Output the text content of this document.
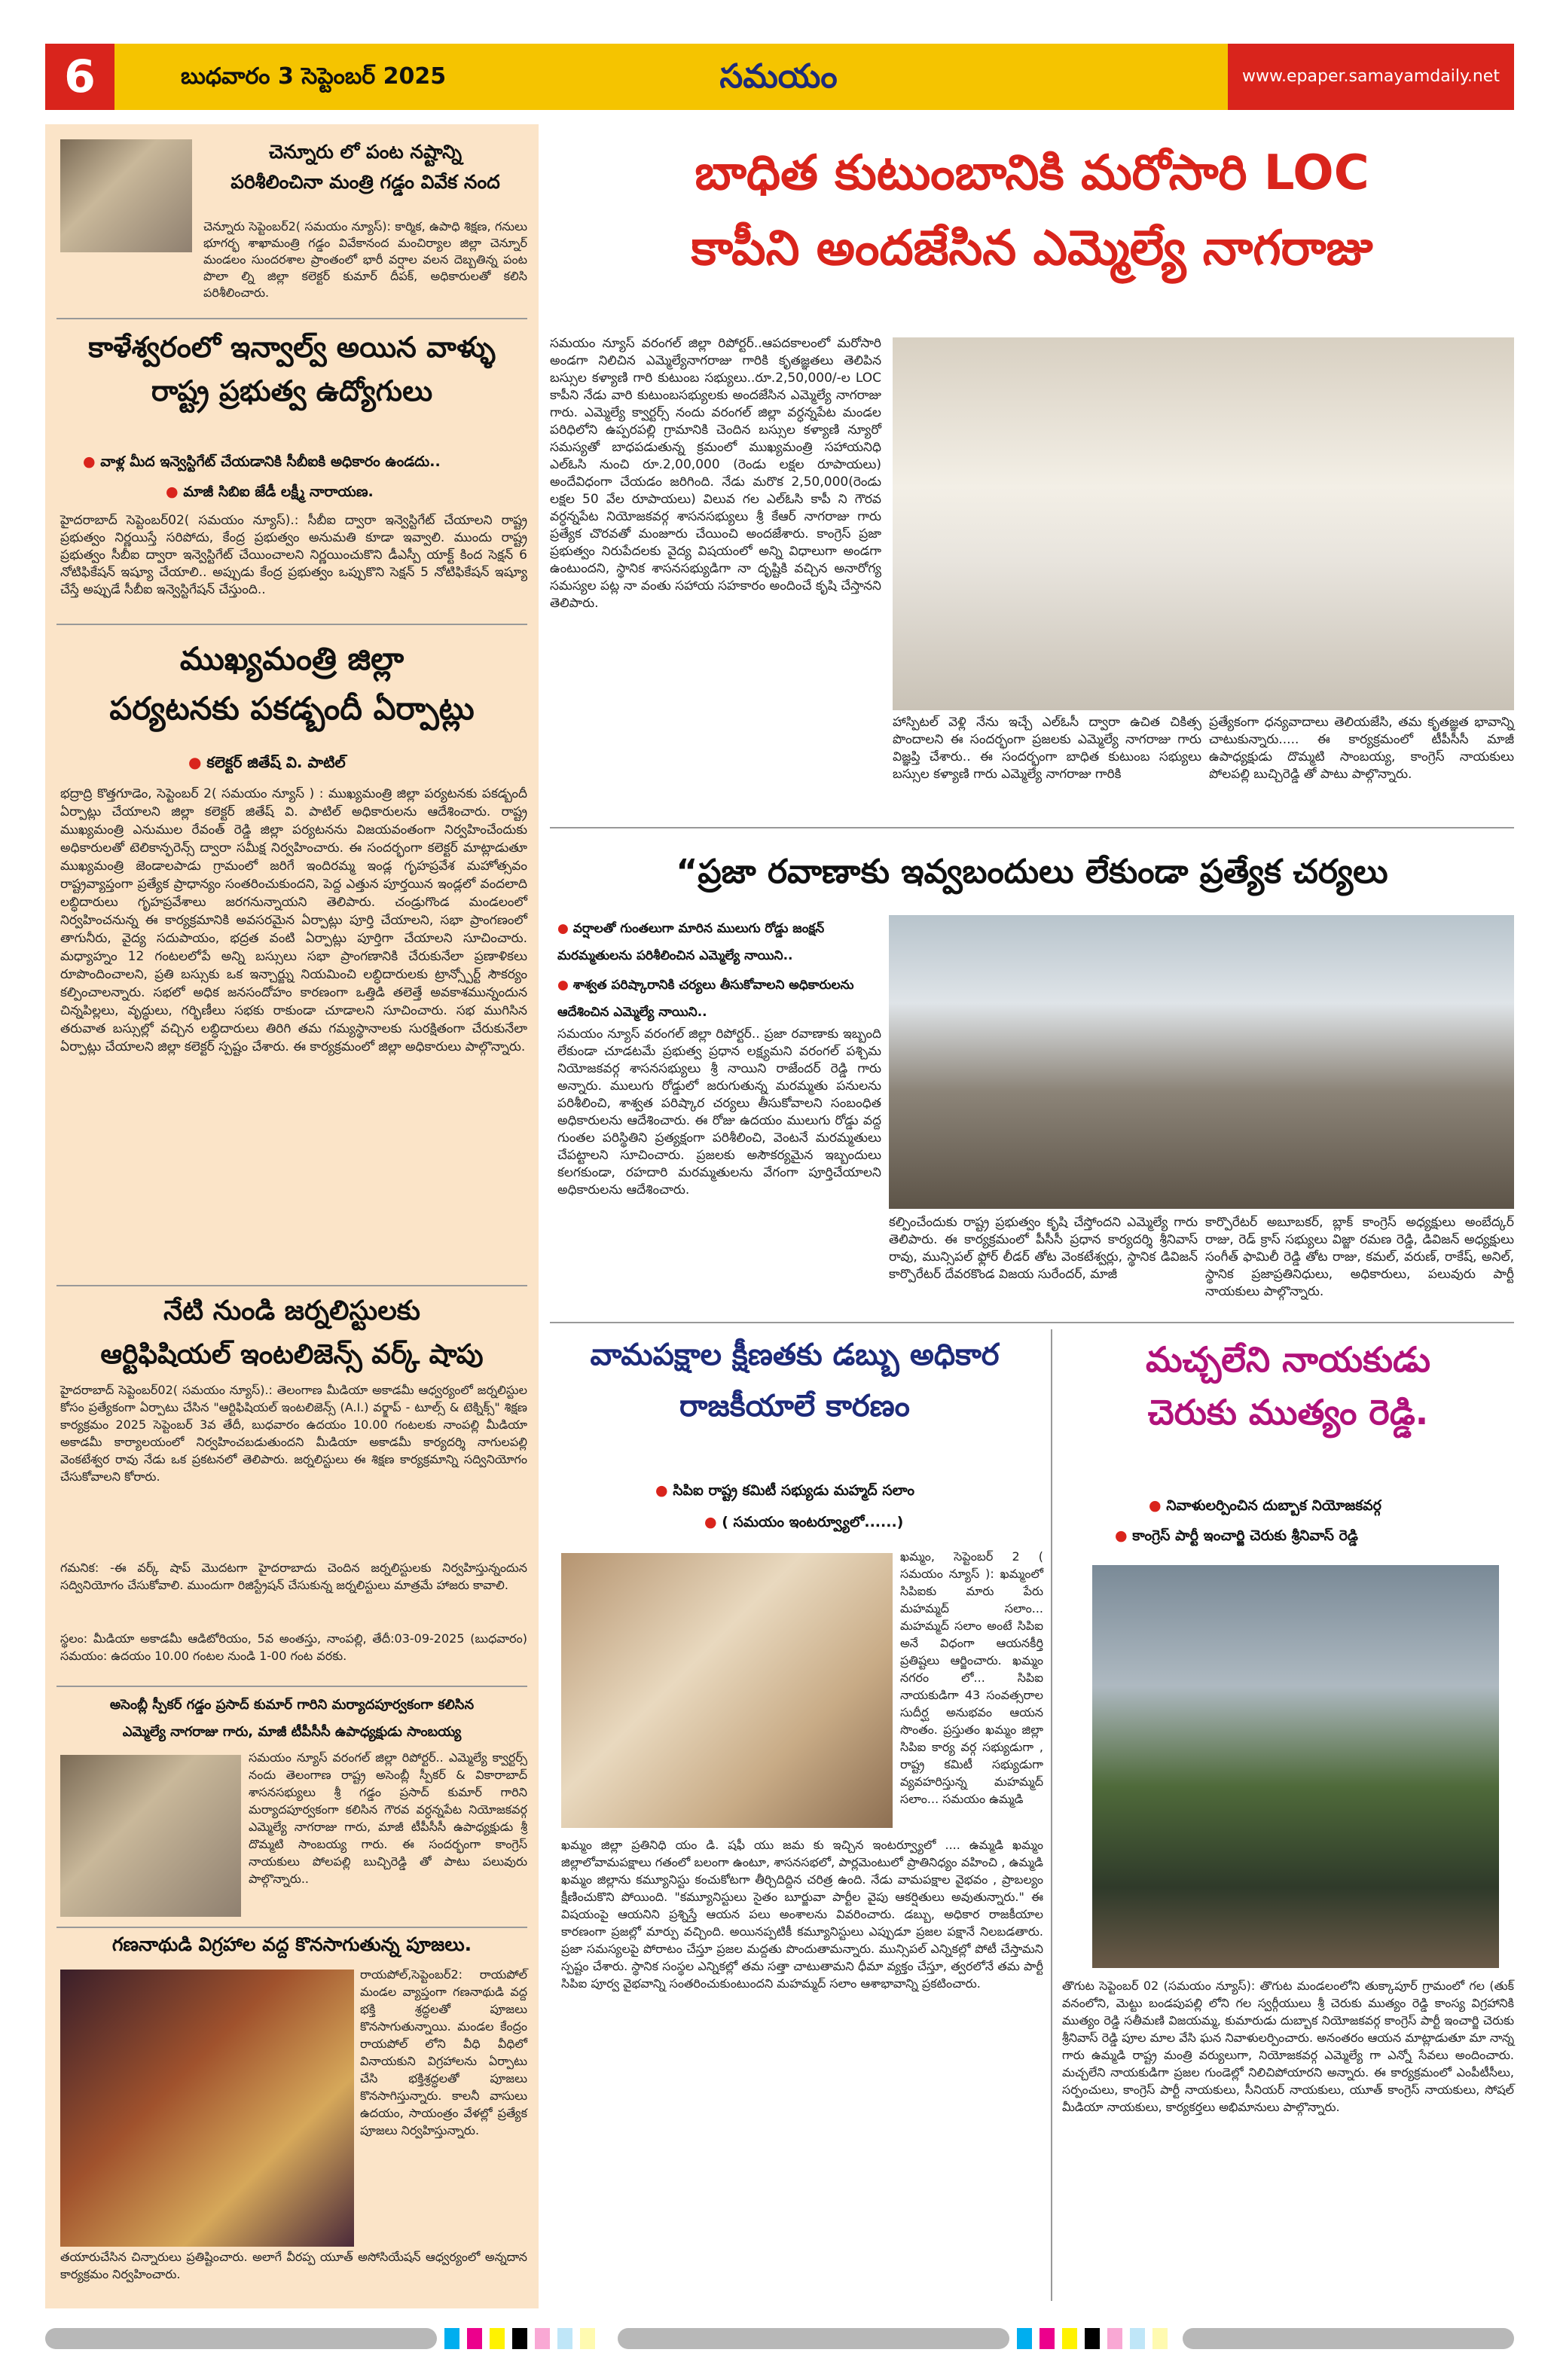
6	బుధవారం 3 సెప్టెంబర్ 2025	సమయం	www.epaper.samayamdaily.net
చెన్నూరు లో పంట నష్టాన్ని
పరిశీలించినా మంత్రి గడ్డం వివేక నంద
చెన్నూరు సెప్టెంబర్2( సమయం న్యూస్): కార్మిక, ఉపాధి శిక్షణ, గనులు భూగర్భ శాఖామంత్రి గడ్డం వివేకానంద మంచిర్యాల జిల్లా చెన్నూర్ మండలం సుందరశాల ప్రాంతంలో భారీ వర్షాల వలన దెబ్బతిన్న పంట పొలా ల్ని జిల్లా కలెక్టర్ కుమార్ దీపక్, అధికారులతో కలిసి పరిశీలించారు.
కాళేశ్వరంలో ఇన్వాల్వ్ అయిన వాళ్ళు
రాష్ట్ర ప్రభుత్వ ఉద్యోగులు
● వాళ్ల మీద ఇన్వెస్టిగేట్ చేయడానికి సీబీఐకి అధికారం ఉండదు..
● మాజీ సిబిఐ జేడీ లక్ష్మీ నారాయణ.
హైదరాబాద్ సెప్టెంబర్02( సమయం న్యూస్).: సీబీఐ ద్వారా ఇన్వెస్టిగేట్ చేయాలని రాష్ట్ర ప్రభుత్వం నిర్ణయిస్తే సరిపోదు, కేంద్ర ప్రభుత్వం అనుమతి కూడా ఇవ్వాలి. ముందు రాష్ట్ర ప్రభుత్వం సీబీఐ ద్వారా ఇన్వెస్టిగేట్ చేయించాలని నిర్ణయించుకొని డీఎస్పీ యాక్ట్ కింద సెక్షన్ 6 నోటిఫికేషన్ ఇష్యూ చేయాలి.. అప్పుడు కేంద్ర ప్రభుత్వం ఒప్పుకొని సెక్షన్ 5 నోటిఫికేషన్ ఇష్యూ చేస్తే అప్పుడే సీబీఐ ఇన్వెస్టిగేషన్ చేస్తుంది..
ముఖ్యమంత్రి జిల్లా
పర్యటనకు పకడ్బందీ ఏర్పాట్లు
● కలెక్టర్ జితేష్ వి. పాటిల్
భద్రాద్రి కొత్తగూడెం, సెప్టెంబర్ 2( సమయం న్యూస్ ) : ముఖ్యమంత్రి జిల్లా పర్యటనకు పకడ్బందీ ఏర్పాట్లు చేయాలని జిల్లా కలెక్టర్ జితేష్ వి. పాటిల్ అధికారులను ఆదేశించారు. రాష్ట్ర ముఖ్యమంత్రి ఎనుముల రేవంత్ రెడ్డి జిల్లా పర్యటనను విజయవంతంగా నిర్వహించేందుకు అధికారులతో టెలికాన్ఫరెన్స్ ద్వారా సమీక్ష నిర్వహించారు. ఈ సందర్భంగా కలెక్టర్ మాట్లాడుతూ ముఖ్యమంత్రి జెండాలపాడు గ్రామంలో జరిగే ఇందిరమ్మ ఇండ్ల గృహప్రవేశ మహోత్సవం రాష్ట్రవ్యాప్తంగా ప్రత్యేక ప్రాధాన్యం సంతరించుకుందని, పెద్ద ఎత్తున పూర్తయిన ఇండ్లలో వందలాది లబ్ధిదారులు గృహప్రవేశాలు జరగనున్నాయని తెలిపారు. చండ్రుగొండ మండలంలో నిర్వహించనున్న ఈ కార్యక్రమానికి అవసరమైన ఏర్పాట్లు పూర్తి చేయాలని, సభా ప్రాంగణంలో తాగునీరు, వైద్య సదుపాయం, భద్రత వంటి ఏర్పాట్లు పూర్తిగా చేయాలని సూచించారు. మధ్యాహ్నం 12 గంటలలోపే అన్ని బస్సులు సభా ప్రాంగణానికి చేరుకునేలా ప్రణాళికలు రూపొందించాలని, ప్రతి బస్సుకు ఒక ఇన్చార్జ్ను నియమించి లబ్ధిదారులకు ట్రాన్స్పోర్ట్ సౌకర్యం కల్పించాలన్నారు. సభలో అధిక జనసందోహం కారణంగా ఒత్తిడి తలెత్తే అవకాశమున్నందున చిన్నపిల్లలు, వృద్ధులు, గర్భిణీలు సభకు రాకుండా చూడాలని సూచించారు. సభ ముగిసిన తరువాత బస్సుల్లో వచ్చిన లబ్ధిదారులు తిరిగి తమ గమ్యస్థానాలకు సురక్షితంగా చేరుకునేలా ఏర్పాట్లు చేయాలని జిల్లా కలెక్టర్ స్పష్టం చేశారు. ఈ కార్యక్రమంలో జిల్లా అధికారులు పాల్గొన్నారు.
నేటి నుండి జర్నలిస్టులకు
ఆర్టిఫిషియల్ ఇంటలిజెన్స్ వర్క్ షాపు
హైదరాబాద్ సెప్టెంబర్02( సమయం న్యూస్).: తెలంగాణ మీడియా అకాడమీ ఆధ్వర్యంలో జర్నలిస్టుల కోసం ప్రత్యేకంగా ఏర్పాటు చేసిన "ఆర్టిఫిషియల్ ఇంటలిజెన్స్ (A.I.) వర్క్షాప్ - టూల్స్ & టెక్నిక్స్" శిక్షణ కార్యక్రమం 2025 సెప్టెంబర్ 3వ తేదీ, బుధవారం ఉదయం 10.00 గంటలకు నాంపల్లి మీడియా అకాడమీ కార్యాలయంలో నిర్వహించబడుతుందని మీడియా అకాడమీ కార్యదర్శి నాగులపల్లి వెంకటేశ్వర రావు నేడు ఒక ప్రకటనలో తెలిపారు. జర్నలిస్టులు ఈ శిక్షణ కార్యక్రమాన్ని సద్వినియోగం చేసుకోవాలని కోరారు.
గమనిక: -ఈ వర్క్ షాప్ మొదటగా హైదరాబాదు చెందిన జర్నలిస్టులకు నిర్వహిస్తున్నందున సద్వినియోగం చేసుకోవాలి. ముందుగా రిజిస్ట్రేషన్ చేసుకున్న జర్నలిస్టులు మాత్రమే హాజరు కావాలి.
స్థలం: మీడియా అకాడమీ ఆడిటోరియం, 5వ అంతస్తు, నాంపల్లి, తేదీ:03-09-2025 (బుధవారం) సమయం: ఉదయం 10.00 గంటల నుండి 1-00 గంట వరకు.
అసెంబ్లీ స్పీకర్ గడ్డం ప్రసాద్ కుమార్ గారిని మర్యాదపూర్వకంగా కలిసిన
ఎమ్మెల్యే నాగరాజు గారు, మాజీ టీపీసీసీ ఉపాధ్యక్షుడు సాంబయ్య
సమయం న్యూస్ వరంగల్ జిల్లా రిపోర్టర్.. ఎమ్మెల్యే క్వార్టర్స్ నందు తెలంగాణ రాష్ట్ర అసెంబ్లీ స్పీకర్ & వికారాబాద్ శాసనసభ్యులు శ్రీ గడ్డం ప్రసాద్ కుమార్ గారిని మర్యాదపూర్వకంగా కలిసిన గౌరవ వర్ధన్నపేట నియోజకవర్గ ఎమ్మెల్యే నాగరాజు గారు, మాజీ టీపీసీసీ ఉపాధ్యక్షుడు శ్రీ దొమ్మటి సాంబయ్య గారు. ఈ సందర్భంగా కాంగ్రెస్ నాయకులు పోలపల్లి బుచ్చిరెడ్డి తో పాటు పలువురు పాల్గొన్నారు..
గణనాథుడి విగ్రహాల వద్ద కొనసాగుతున్న పూజలు.
రాయపోల్,సెప్టెంబర్2: రాయపోల్ మండల వ్యాప్తంగా గణనాథుడి వద్ద భక్తి శ్రద్ధలతో పూజలు కొనసాగుతున్నాయి. మండల కేంద్రం రాయపోల్ లోని వీధి వీధిలో వినాయకుని విగ్రహాలను ఏర్పాటు చేసి భక్తిశ్రద్ధలతో పూజలు కొనసాగిస్తున్నారు. కాలనీ వాసులు ఉదయం, సాయంత్రం వేళల్లో ప్రత్యేక పూజలు నిర్వహిస్తున్నారు.
తయారుచేసిన చిన్నారులు ప్రతిష్టించారు. అలాగే వీరప్ప యూత్ అసోసియేషన్ ఆధ్వర్యంలో అన్నదాన కార్యక్రమం నిర్వహించారు.
బాధిత కుటుంబానికి మరోసారి LOC
కాపీని అందజేసిన ఎమ్మెల్యే నాగరాజు
సమయం న్యూస్ వరంగల్ జిల్లా రిపోర్టర్..ఆపదకాలంలో మరోసారి అండగా నిలిచిన ఎమ్మెల్యేనాగరాజు గారికి కృతజ్ఞతలు తెలిపిన బస్సుల కళ్యాణి గారి కుటుంబ సభ్యులు..రూ.2,50,000/-ల LOC కాపీని నేడు వారి కుటుంబసభ్యులకు అందజేసిన ఎమ్మెల్యే నాగరాజు గారు. ఎమ్మెల్యే క్వార్టర్స్ నందు వరంగల్ జిల్లా వర్ధన్నపేట మండల పరిధిలోని ఉప్పరపల్లి గ్రామానికి చెందిన బస్సుల కళ్యాణి న్యూరో సమస్యతో బాధపడుతున్న క్రమంలో ముఖ్యమంత్రి సహాయనిధి ఎల్ఓసి నుంచి రూ.2,00,000 (రెండు లక్షల రూపాయలు) అందేవిధంగా చేయడం జరిగింది. నేడు మరొక 2,50,000(రెండు లక్షల 50 వేల రూపాయలు) విలువ గల ఎల్ఓసి కాపీ ని గౌరవ వర్ధన్నపేట నియోజకవర్గ శాసనసభ్యులు శ్రీ కేఆర్ నాగరాజు గారు ప్రత్యేక చొరవతో మంజూరు చేయించి అందజేశారు. కాంగ్రెస్ ప్రజా ప్రభుత్వం నిరుపేదలకు వైద్య విషయంలో అన్ని విధాలుగా అండగా ఉంటుందని, స్థానిక శాసనసభ్యుడిగా నా దృష్టికి వచ్చిన అనారోగ్య సమస్యల పట్ల నా వంతు సహాయ సహకారం అందించే కృషి చేస్తానని తెలిపారు.
హాస్పిటల్ వెళ్లి నేను ఇచ్చే ఎల్ఓసీ ద్వారా ఉచిత చికిత్స పొందాలని ఈ సందర్భంగా ప్రజలకు ఎమ్మెల్యే నాగరాజు గారు విజ్ఞప్తి చేశారు.. ఈ సందర్భంగా బాధిత కుటుంబ సభ్యులు బస్సుల కళ్యాణి గారు ఎమ్మెల్యే నాగరాజు గారికి
ప్రత్యేకంగా ధన్యవాదాలు తెలియజేసి, తమ కృతజ్ఞత భావాన్ని చాటుకున్నారు..... ఈ కార్యక్రమంలో టీపీసీసీ మాజీ ఉపాధ్యక్షుడు దొమ్మటి సాంబయ్య, కాంగ్రెస్ నాయకులు పోలపల్లి బుచ్చిరెడ్డి తో పాటు పాల్గొన్నారు.
“ప్రజా రవాణాకు ఇవ్వబందులు లేకుండా ప్రత్యేక చర్యలు
● వర్షాలతో గుంతలుగా మారిన ములుగు రోడ్డు జంక్షన్ మరమ్మతులను పరిశీలించిన ఎమ్మెల్యే నాయిని..
● శాశ్వత పరిష్కారానికి చర్యలు తీసుకోవాలని అధికారులను ఆదేశించిన ఎమ్మెల్యే నాయిని..
సమయం న్యూస్ వరంగల్ జిల్లా రిపోర్టర్.. ప్రజా రవాణాకు ఇబ్బంది లేకుండా చూడటమే ప్రభుత్వ ప్రధాన లక్ష్యమని వరంగల్ పశ్చిమ నియోజకవర్గ శాసనసభ్యులు శ్రీ నాయిని రాజేందర్ రెడ్డి గారు అన్నారు. ములుగు రోడ్డులో జరుగుతున్న మరమ్మతు పనులను పరిశీలించి, శాశ్వత పరిష్కార చర్యలు తీసుకోవాలని సంబంధిత అధికారులను ఆదేశించారు. ఈ రోజు ఉదయం ములుగు రోడ్డు వద్ద గుంతల పరిస్థితిని ప్రత్యక్షంగా పరిశీలించి, వెంటనే మరమ్మతులు చేపట్టాలని సూచించారు. ప్రజలకు అసౌకర్యమైన ఇబ్బందులు కలగకుండా, రహదారి మరమ్మతులను వేగంగా పూర్తిచేయాలని అధికారులను ఆదేశించారు.
కల్పించేందుకు రాష్ట్ర ప్రభుత్వం కృషి చేస్తోందని ఎమ్మెల్యే గారు తెలిపారు. ఈ కార్యక్రమంలో పీసీసీ ప్రధాన కార్యదర్శి శ్రీనివాస్ రావు, మున్సిపల్ ఫ్లోర్ లీడర్ తోట వెంకటేశ్వర్లు, స్థానిక డివిజన్ కార్పొరేటర్ దేవరకొండ విజయ సురేందర్, మాజీ
కార్పొరేటర్ అబూబకర్, బ్లాక్ కాంగ్రెస్ అధ్యక్షులు అంబేద్కర్ రాజు, రెడ్ క్రాస్ సభ్యులు విజ్జా రమణ రెడ్డి, డివిజన్ అధ్యక్షులు సంగీత్ ఫామిలీ రెడ్డి తోట రాజు, కమల్, వరుణ్, రాకేష్, అనిల్, స్థానిక ప్రజాప్రతినిధులు, అధికారులు, పలువురు పార్టీ నాయకులు పాల్గొన్నారు.
వామపక్షాల క్షీణతకు డబ్బు అధికార
రాజకీయాలే కారణం
● సిపిఐ రాష్ట్ర కమిటీ సభ్యుడు మహ్మద్ సలాం
● ( సమయం ఇంటర్వ్యూలో......)
ఖమ్మం, సెప్టెంబర్ 2 ( సమయం న్యూస్ ): ఖమ్మంలో సిపిఐకు మారు పేరు మహమ్మద్ సలాం... మహమ్మద్ సలాం అంటే సిపిఐ అనే విధంగా ఆయనకీర్తి ప్రతిష్టలు ఆర్జించారు. ఖమ్మం నగరం లో... సిపిఐ నాయకుడిగా 43 సంవత్సరాల సుదీర్ఘ అనుభవం ఆయన సొంతం. ప్రస్తుతం ఖమ్మం జిల్లా సిపిఐ కార్య వర్గ సభ్యుడుగా , రాష్ట్ర కమిటీ సభ్యుడుగా వ్యవహరిస్తున్న మహమ్మద్ సలాం... సమయం ఉమ్మడి
ఖమ్మం జిల్లా ప్రతినిధి యం డి. షఫీ యు జమ కు ఇచ్చిన ఇంటర్వ్యూలో .... ఉమ్మడి ఖమ్మం జిల్లాలోవామపక్షాలు గతంలో బలంగా ఉంటూ, శాసనసభలో, పార్లమెంటులో ప్రాతినిధ్యం వహించి , ఉమ్మడి ఖమ్మం జిల్లాను కమ్యూనిస్టు కంచుకోటగా తీర్చిదిద్దిన చరిత్ర ఉంది. నేడు వామపక్షాల వైభవం , ప్రాబల్యం క్షీణించుకొని పోయింది. "కమ్యూనిస్టులు సైతం బూర్జువా పార్టీల వైపు ఆకర్షితులు అవుతున్నారు." ఈ విషయంపై ఆయనిని ప్రశ్నిస్తే ఆయన పలు అంశాలను వివరించారు. డబ్బు, అధికార రాజకీయాల కారణంగా ప్రజల్లో మార్పు వచ్చింది. అయినప్పటికీ కమ్యూనిస్టులు ఎప్పుడూ ప్రజల పక్షానే నిలబడతారు. ప్రజా సమస్యలపై పోరాటం చేస్తూ ప్రజల మద్దతు పొందుతామన్నారు. మున్సిపల్ ఎన్నికల్లో పోటీ చేస్తామని స్పష్టం చేశారు. స్థానిక సంస్థల ఎన్నికల్లో తమ సత్తా చాటుతామని ధీమా వ్యక్తం చేస్తూ, త్వరలోనే తమ పార్టీ సిపిఐ పూర్వ వైభవాన్ని సంతరించుకుంటుందని మహమ్మద్ సలాం ఆశాభావాన్ని ప్రకటించారు.
మచ్చలేని నాయకుడు
చెరుకు ముత్యం రెడ్డి.
● నివాళులర్పించిన దుబ్బాక నియోజకవర్గ
● కాంగ్రెస్ పార్టీ ఇంచార్జి చెరుకు శ్రీనివాస్ రెడ్డి
తొగుట సెప్టెంబర్ 02 (సమయం న్యూస్): తొగుట మండలంలోని తుక్కాపూర్ గ్రామంలో గల (తుక్ వనంలోని, మెట్టు బండపుపల్లి లోని గల స్వర్గీయులు శ్రీ చెరుకు ముత్యం రెడ్డి కాంస్య విగ్రహానికి ముత్యం రెడ్డి సతీమణి విజయమ్మ, కుమారుడు దుబ్బాక నియోజకవర్గ కాంగ్రెస్ పార్టీ ఇంచార్జి చెరుకు శ్రీనివాస్ రెడ్డి పూల మాల వేసి ఘన నివాళులర్పించారు. అనంతరం ఆయన మాట్లాడుతూ మా నాన్న గారు ఉమ్మడి రాష్ట్ర మంత్రి వర్యులుగా, నియోజకవర్గ ఎమ్మెల్యే గా ఎన్నో సేవలు అందించారు. మచ్చలేని నాయకుడిగా ప్రజల గుండెల్లో నిలిచిపోయారని అన్నారు. ఈ కార్యక్రమంలో ఎంపీటీసీలు, సర్పంచులు, కాంగ్రెస్ పార్టీ నాయకులు, సీనియర్ నాయకులు, యూత్ కాంగ్రెస్ నాయకులు, సోషల్ మీడియా నాయకులు, కార్యకర్తలు అభిమానులు పాల్గొన్నారు.
